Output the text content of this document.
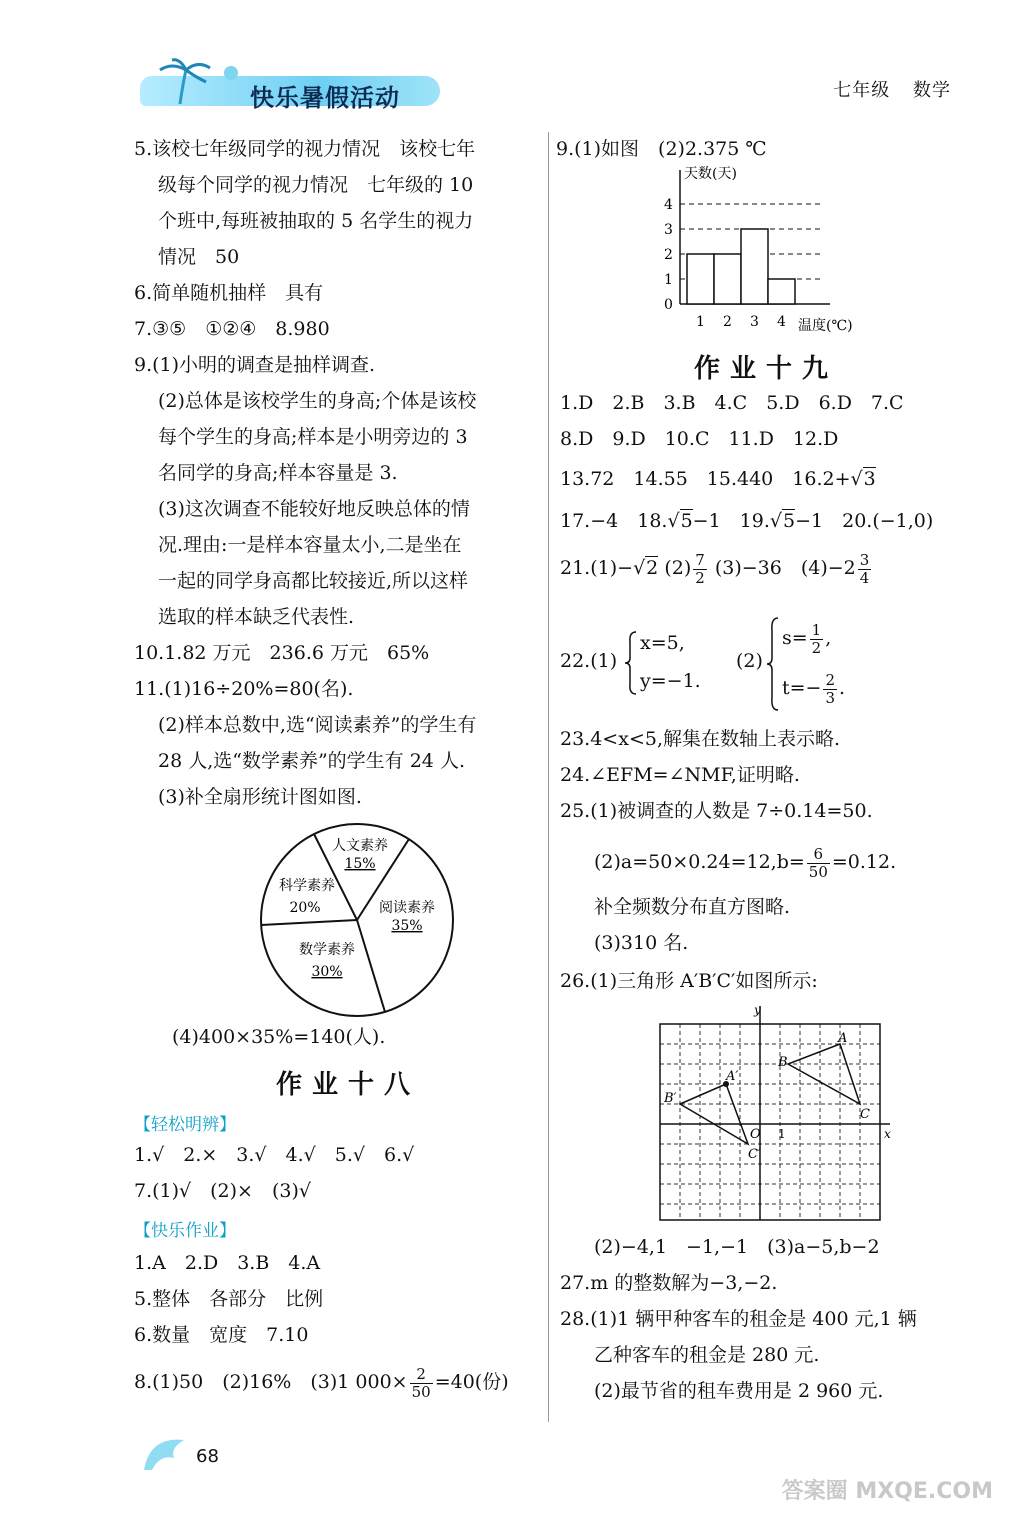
快乐暑假活动	七年级 数学
5.该校七年级同学的视力情况　该校七年
级每个同学的视力情况　七年级的 10
个班中,每班被抽取的 5 名学生的视力
情况　50
6.简单随机抽样　具有
7.③⑤　①②④　8.980
9.(1)小明的调查是抽样调查.
(2)总体是该校学生的身高;个体是该校
每个学生的身高;样本是小明旁边的 3
名同学的身高;样本容量是 3.
(3)这次调查不能较好地反映总体的情
况.理由:一是样本容量太小,二是坐在
一起的同学身高都比较接近,所以这样
选取的样本缺乏代表性.
10.1.82 万元　236.6 万元　65%
11.(1)16÷20%=80(名).
(2)样本总数中,选“阅读素养”的学生有
28 人,选“数学素养”的学生有 24 人.
(3)补全扇形统计图如图.
人文素养
15%
阅读素养
35%
数学素养
30%
科学素养
20%
(4)400×35%=140(人).
作业十八
【轻松明辨】
1.√　2.×　3.√　4.√　5.√　6.√
7.(1)√　(2)×　(3)√
【快乐作业】
1.A　2.D　3.B　4.A
5.整体　各部分　比例
6.数量　宽度　7.10
8.(1)50　(2)16%　(3)1 $000\times \frac{2}{50} =40$(份)
9.(1)如图　(2)2.375 ℃
天数(天)
温度(℃)
0
1
2
3
4
1 2 3 4
作业十九
1.D　2.B　3.B　4.C　5.D　6.D　7.C
8.D　9.D　10.C　11.D　12.D
13.72　14.55　15.440　16.2+√3
17.−4　18.√5−1　19.√5−1　20.(−1,0)
21.(1)−√2 $(2) \frac{7}{2} (3)-36$　$(4)-2 \frac{3}{4}$
22.(1)
x=5,
y=−1.
(2)
$s= \frac{1}{2}$ ,
$t=- \frac{2}{3}$ .
23.4<x<5,解集在数轴上表示略.
24.∠EFM=∠NMF,证明略.
25.(1)被调查的人数是 7÷0.14=50.
$(2)a=50\times 0.24=12,b= \frac{6}{50} =0.12$.
补全频数分布直方图略.
(3)310 名.
26.(1)三角形 A′B′C′如图所示:
y
x
O 1
A
B
C
A′
B′
C′
(2)−4,1　−1,−1　(3)a−5,b−2
27.m 的整数解为−3,−2.
28.(1)1 辆甲种客车的租金是 400 元,1 辆
乙种客车的租金是 280 元.
(2)最节省的租车费用是 2 960 元.
68
答案圈 MXQE.COM
